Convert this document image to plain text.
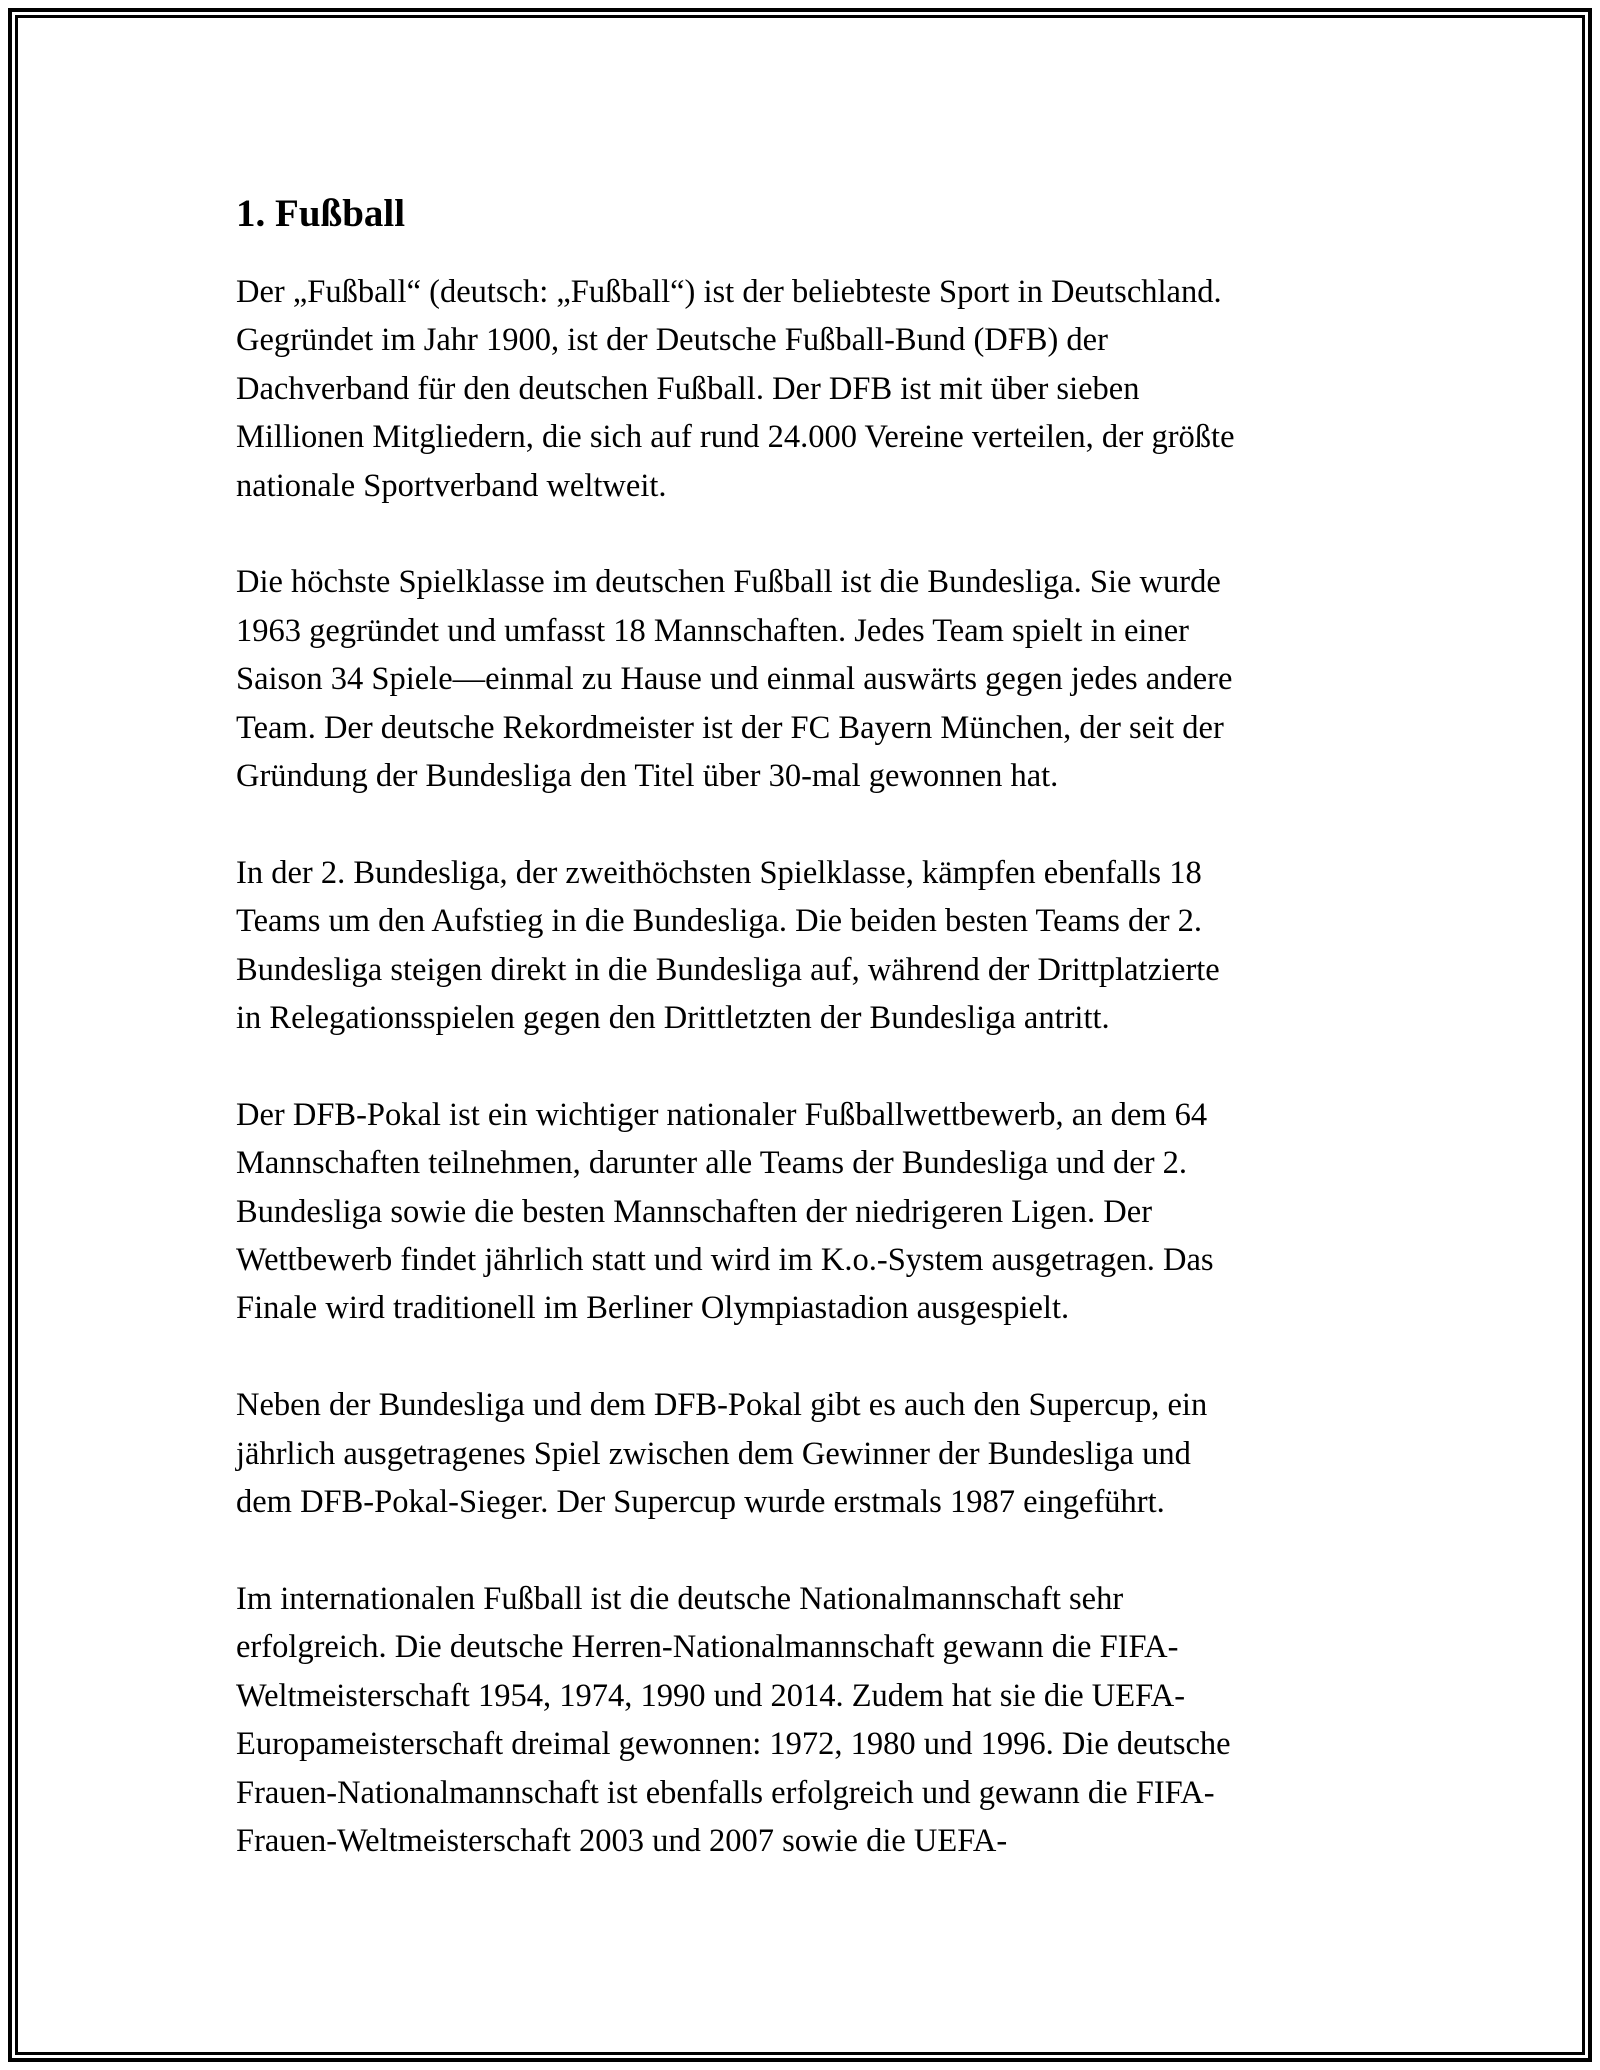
1. Fußball

Der „Fußball“ (deutsch: „Fußball“) ist der beliebteste Sport in Deutschland.
Gegründet im Jahr 1900, ist der Deutsche Fußball-Bund (DFB) der
Dachverband für den deutschen Fußball. Der DFB ist mit über sieben
Millionen Mitgliedern, die sich auf rund 24.000 Vereine verteilen, der größte
nationale Sportverband weltweit.

Die höchste Spielklasse im deutschen Fußball ist die Bundesliga. Sie wurde
1963 gegründet und umfasst 18 Mannschaften. Jedes Team spielt in einer
Saison 34 Spiele—einmal zu Hause und einmal auswärts gegen jedes andere
Team. Der deutsche Rekordmeister ist der FC Bayern München, der seit der
Gründung der Bundesliga den Titel über 30-mal gewonnen hat.

In der 2. Bundesliga, der zweithöchsten Spielklasse, kämpfen ebenfalls 18
Teams um den Aufstieg in die Bundesliga. Die beiden besten Teams der 2.
Bundesliga steigen direkt in die Bundesliga auf, während der Drittplatzierte
in Relegationsspielen gegen den Drittletzten der Bundesliga antritt.

Der DFB-Pokal ist ein wichtiger nationaler Fußballwettbewerb, an dem 64
Mannschaften teilnehmen, darunter alle Teams der Bundesliga und der 2.
Bundesliga sowie die besten Mannschaften der niedrigeren Ligen. Der
Wettbewerb findet jährlich statt und wird im K.o.-System ausgetragen. Das
Finale wird traditionell im Berliner Olympiastadion ausgespielt.

Neben der Bundesliga und dem DFB-Pokal gibt es auch den Supercup, ein
jährlich ausgetragenes Spiel zwischen dem Gewinner der Bundesliga und
dem DFB-Pokal-Sieger. Der Supercup wurde erstmals 1987 eingeführt.

Im internationalen Fußball ist die deutsche Nationalmannschaft sehr
erfolgreich. Die deutsche Herren-Nationalmannschaft gewann die FIFA-
Weltmeisterschaft 1954, 1974, 1990 und 2014. Zudem hat sie die UEFA-
Europameisterschaft dreimal gewonnen: 1972, 1980 und 1996. Die deutsche
Frauen-Nationalmannschaft ist ebenfalls erfolgreich und gewann die FIFA-
Frauen-Weltmeisterschaft 2003 und 2007 sowie die UEFA-
